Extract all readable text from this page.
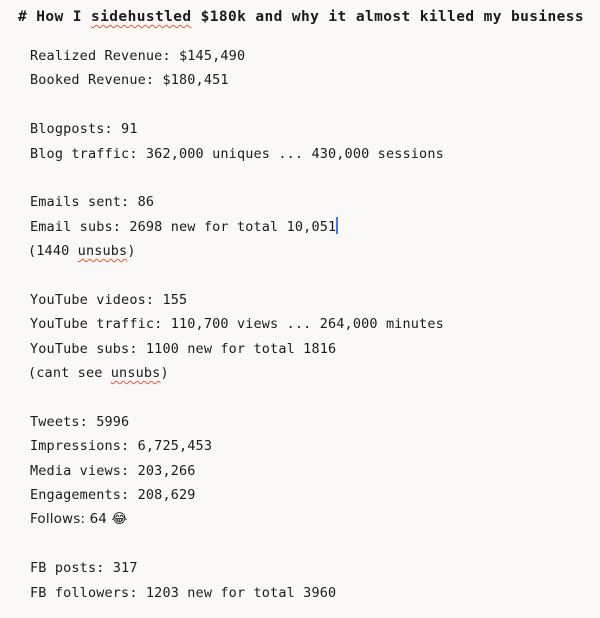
# How I sidehustled $180k and why it almost killed my business
Realized Revenue: $145,490
Booked Revenue: $180,451
Blogposts: 91
Blog traffic: 362,000 uniques ... 430,000 sessions
Emails sent: 86
Email subs: 2698 new for total 10,051
(1440 unsubs)
YouTube videos: 155
YouTube traffic: 110,700 views ... 264,000 minutes
YouTube subs: 1100 new for total 1816
(cant see unsubs)
Tweets: 5996
Impressions: 6,725,453
Media views: 203,266
Engagements: 208,629
Follows: 64 😂
FB posts: 317
FB followers: 1203 new for total 3960
